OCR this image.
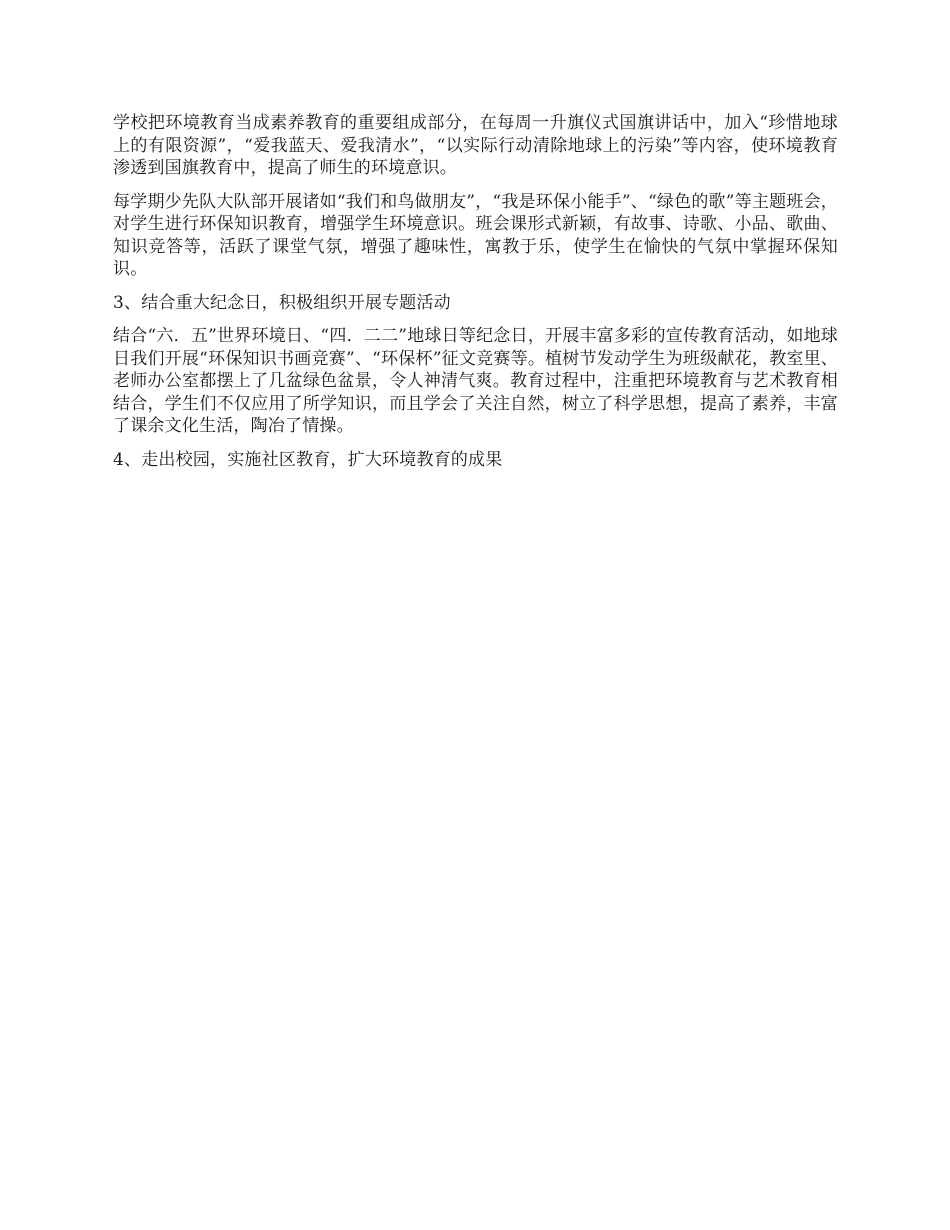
学校把环境教育当成素养教育的重要组成部分，在每周一升旗仪式国旗讲话中，加入“珍惜地球上的有限资源”，“爱我蓝天、爱我清水”，“以实际行动清除地球上的污染”等内容，使环境教育渗透到国旗教育中，提高了师生的环境意识。

每学期少先队大队部开展诸如“我们和鸟做朋友”，“我是环保小能手”、“绿色的歌”等主题班会，对学生进行环保知识教育，增强学生环境意识。班会课形式新颖，有故事、诗歌、小品、歌曲、知识竞答等，活跃了课堂气氛，增强了趣味性，寓教于乐，使学生在愉快的气氛中掌握环保知识。

3、结合重大纪念日，积极组织开展专题活动

结合“六．五”世界环境日、“四．二二”地球日等纪念日，开展丰富多彩的宣传教育活动，如地球日我们开展“环保知识书画竞赛”、“环保杯”征文竞赛等。植树节发动学生为班级献花，教室里、老师办公室都摆上了几盆绿色盆景，令人神清气爽。教育过程中，注重把环境教育与艺术教育相结合，学生们不仅应用了所学知识，而且学会了关注自然，树立了科学思想，提高了素养，丰富了课余文化生活，陶冶了情操。

4、走出校园，实施社区教育，扩大环境教育的成果
